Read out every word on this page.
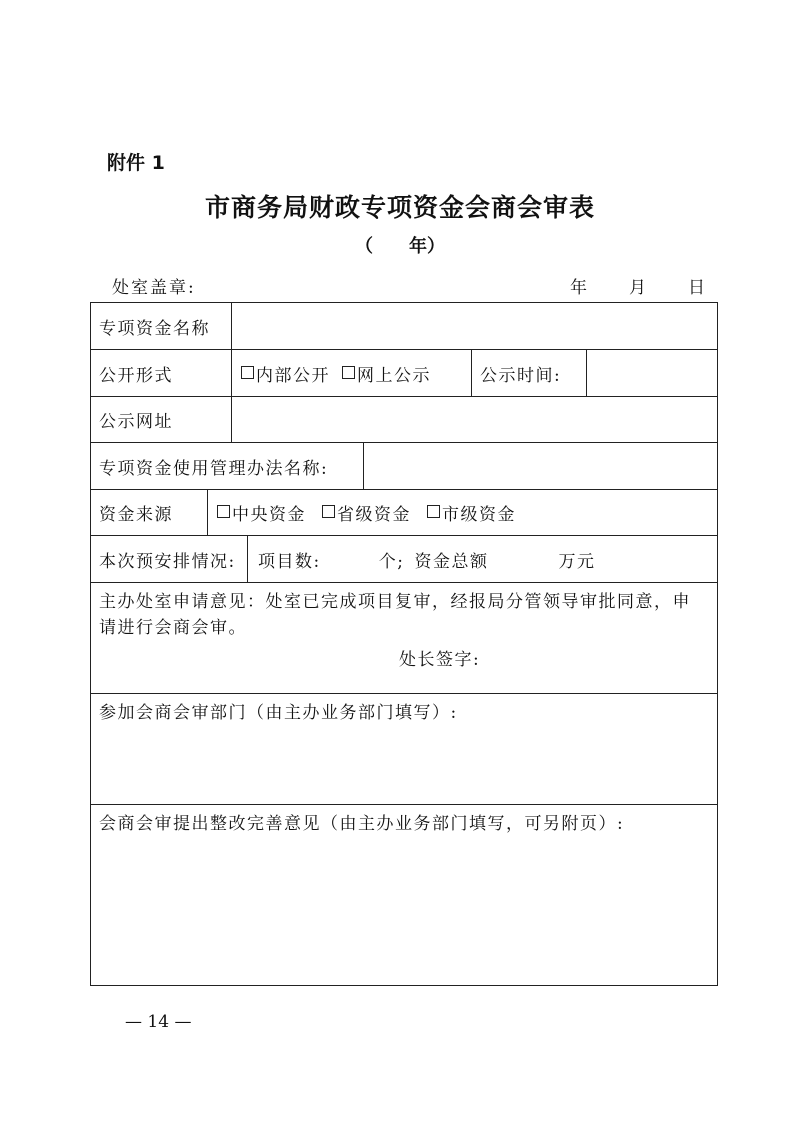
附件 1
市商务局财政专项资金会商会审表
（　　年）
处室盖章:	年 月 日
专项资金名称
公开形式	内部公开 网上公示	公示时间:
公示网址
专项资金使用管理办法名称:
资金来源	中央资金 省级资金 市级资金
本次预安排情况:	项目数:	个; 资金总额	万元
主办处室申请意见：处室已完成项目复审，经报局分管领导审批同意，申请进行会商会审。
处长签字:
参加会商会审部门（由主办业务部门填写）:
会商会审提出整改完善意见（由主办业务部门填写，可另附页）:
— 14 —
